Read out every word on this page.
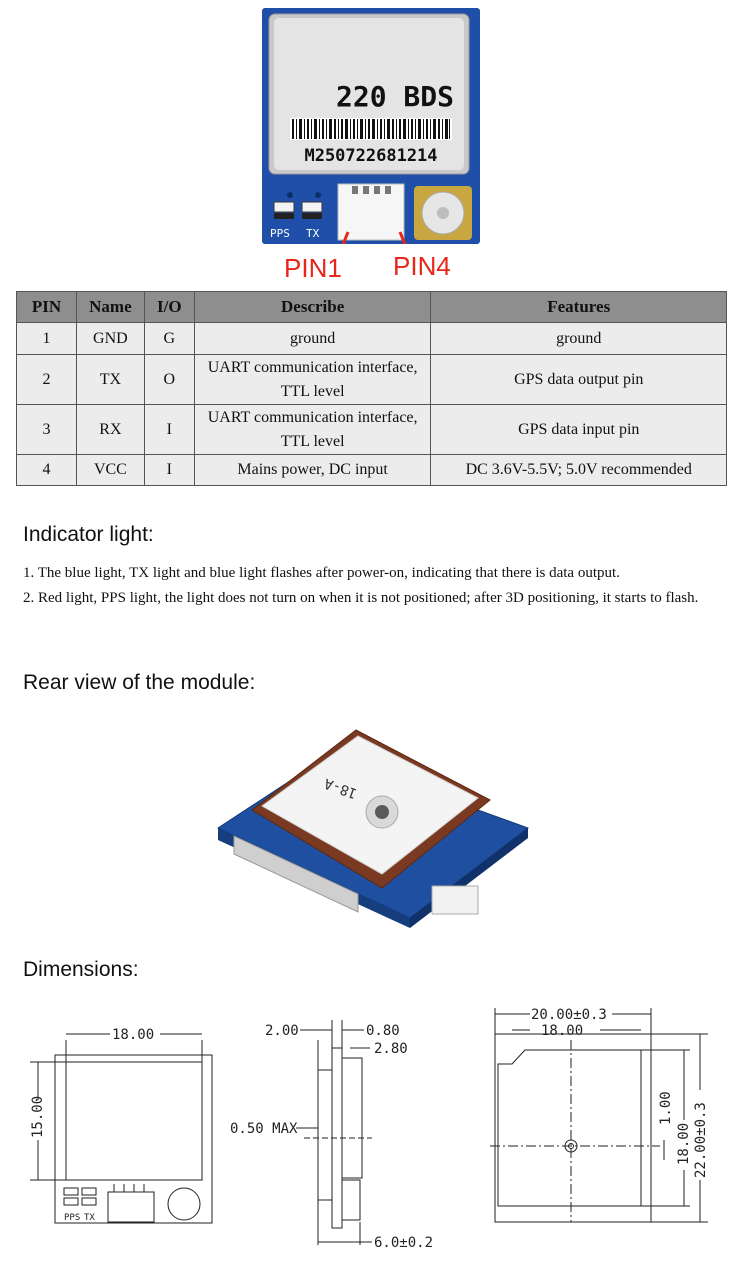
220 BDS
M250722681214
PPS TX
PIN1 PIN4
PIN	Name	I/O	Describe	Features
1	GND	G	ground	ground
2	TX	O	UART communication interface, TTL level	GPS data output pin
3	RX	I	UART communication interface, TTL level	GPS data input pin
4	VCC	I	Mains power, DC input	DC 3.6V-5.5V; 5.0V recommended
Indicator light:
1. The blue light, TX light and blue light flashes after power-on, indicating that there is data output.
2. Red light, PPS light, the light does not turn on when it is not positioned; after 3D positioning, it starts to flash.
Rear view of the module:
18-A
Dimensions:
18.00
15.00
PPS TX
2.00	0.80
2.80
0.50 MAX
6.0±0.2
20.00±0.3
18.00
1.00
18.00 22.00±0.3
